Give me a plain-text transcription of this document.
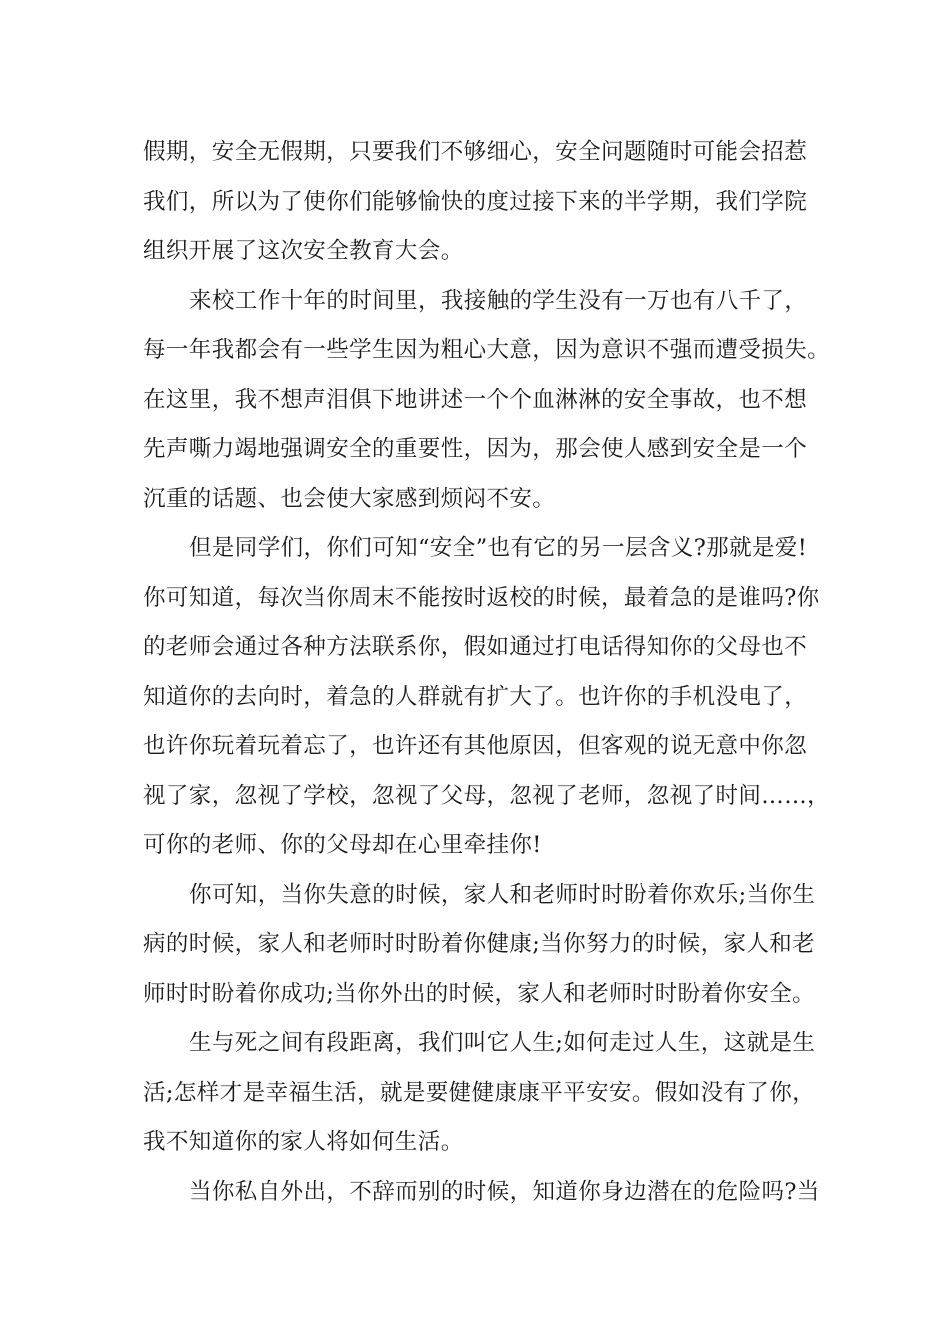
假期，安全无假期，只要我们不够细心，安全问题随时可能会招惹
我们，所以为了使你们能够愉快的度过接下来的半学期，我们学院
组织开展了这次安全教育大会。
来校工作十年的时间里，我接触的学生没有一万也有八千了，
每一年我都会有一些学生因为粗心大意，因为意识不强而遭受损失。
在这里，我不想声泪俱下地讲述一个个血淋淋的安全事故，也不想
先声嘶力竭地强调安全的重要性，因为，那会使人感到安全是一个
沉重的话题、也会使大家感到烦闷不安。
但是同学们，你们可知“安全”也有它的另一层含义?那就是爱!
你可知道，每次当你周末不能按时返校的时候，最着急的是谁吗?你
的老师会通过各种方法联系你，假如通过打电话得知你的父母也不
知道你的去向时，着急的人群就有扩大了。也许你的手机没电了，
也许你玩着玩着忘了，也许还有其他原因，但客观的说无意中你忽
视了家，忽视了学校，忽视了父母，忽视了老师，忽视了时间……，
可你的老师、你的父母却在心里牵挂你!
你可知，当你失意的时候，家人和老师时时盼着你欢乐;当你生
病的时候，家人和老师时时盼着你健康;当你努力的时候，家人和老
师时时盼着你成功;当你外出的时候，家人和老师时时盼着你安全。
生与死之间有段距离，我们叫它人生;如何走过人生，这就是生
活;怎样才是幸福生活，就是要健健康康平平安安。假如没有了你，
我不知道你的家人将如何生活。
当你私自外出，不辞而别的时候，知道你身边潜在的危险吗?当
